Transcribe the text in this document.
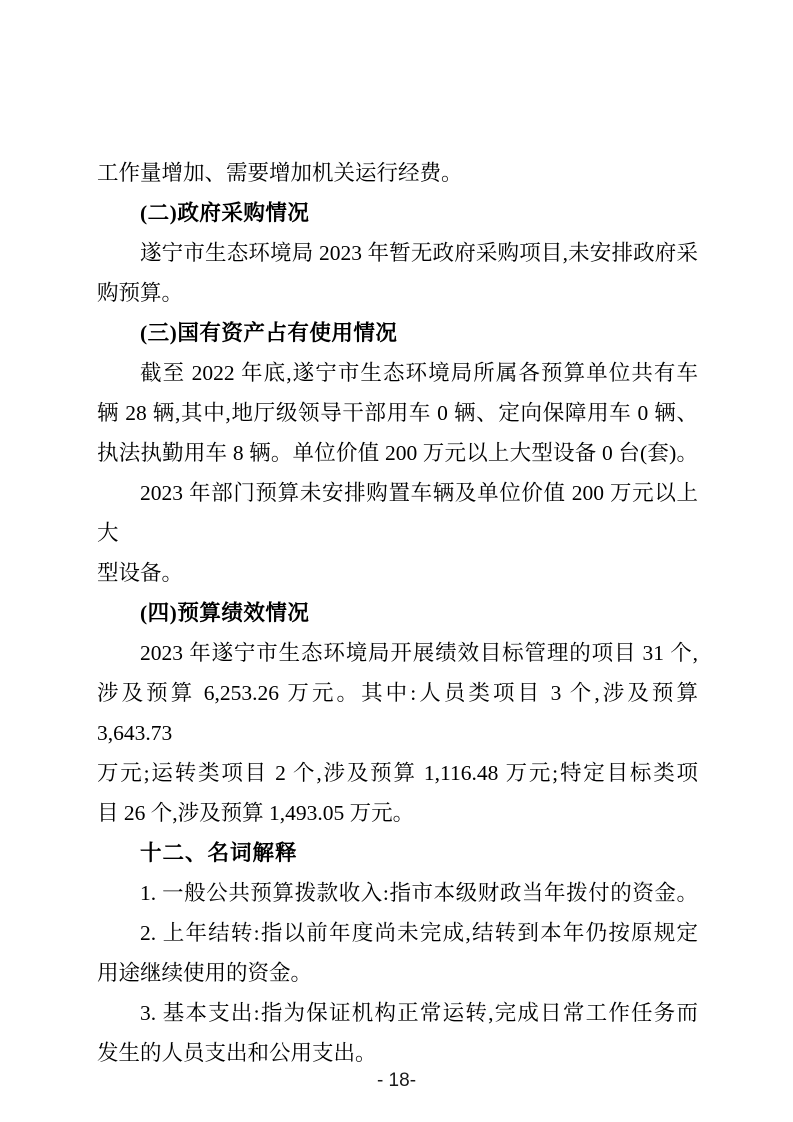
工作量增加、需要增加机关运行经费。
(二)政府采购情况
遂宁市生态环境局 2023 年暂无政府采购项目,未安排政府采
购预算。
(三)国有资产占有使用情况
截至 2022 年底,遂宁市生态环境局所属各预算单位共有车
辆 28 辆,其中,地厅级领导干部用车 0 辆、定向保障用车 0 辆、
执法执勤用车 8 辆。单位价值 200 万元以上大型设备 0 台(套)。
2023 年部门预算未安排购置车辆及单位价值 200 万元以上大
型设备。
(四)预算绩效情况
2023 年遂宁市生态环境局开展绩效目标管理的项目 31 个,
涉及预算 6,253.26 万元。其中:人员类项目 3 个,涉及预算 3,643.73
万元;运转类项目 2 个,涉及预算 1,116.48 万元;特定目标类项
目 26 个,涉及预算 1,493.05 万元。
十二、名词解释
1. 一般公共预算拨款收入:指市本级财政当年拨付的资金。
2. 上年结转:指以前年度尚未完成,结转到本年仍按原规定
用途继续使用的资金。
3. 基本支出:指为保证机构正常运转,完成日常工作任务而
发生的人员支出和公用支出。
- 18-
